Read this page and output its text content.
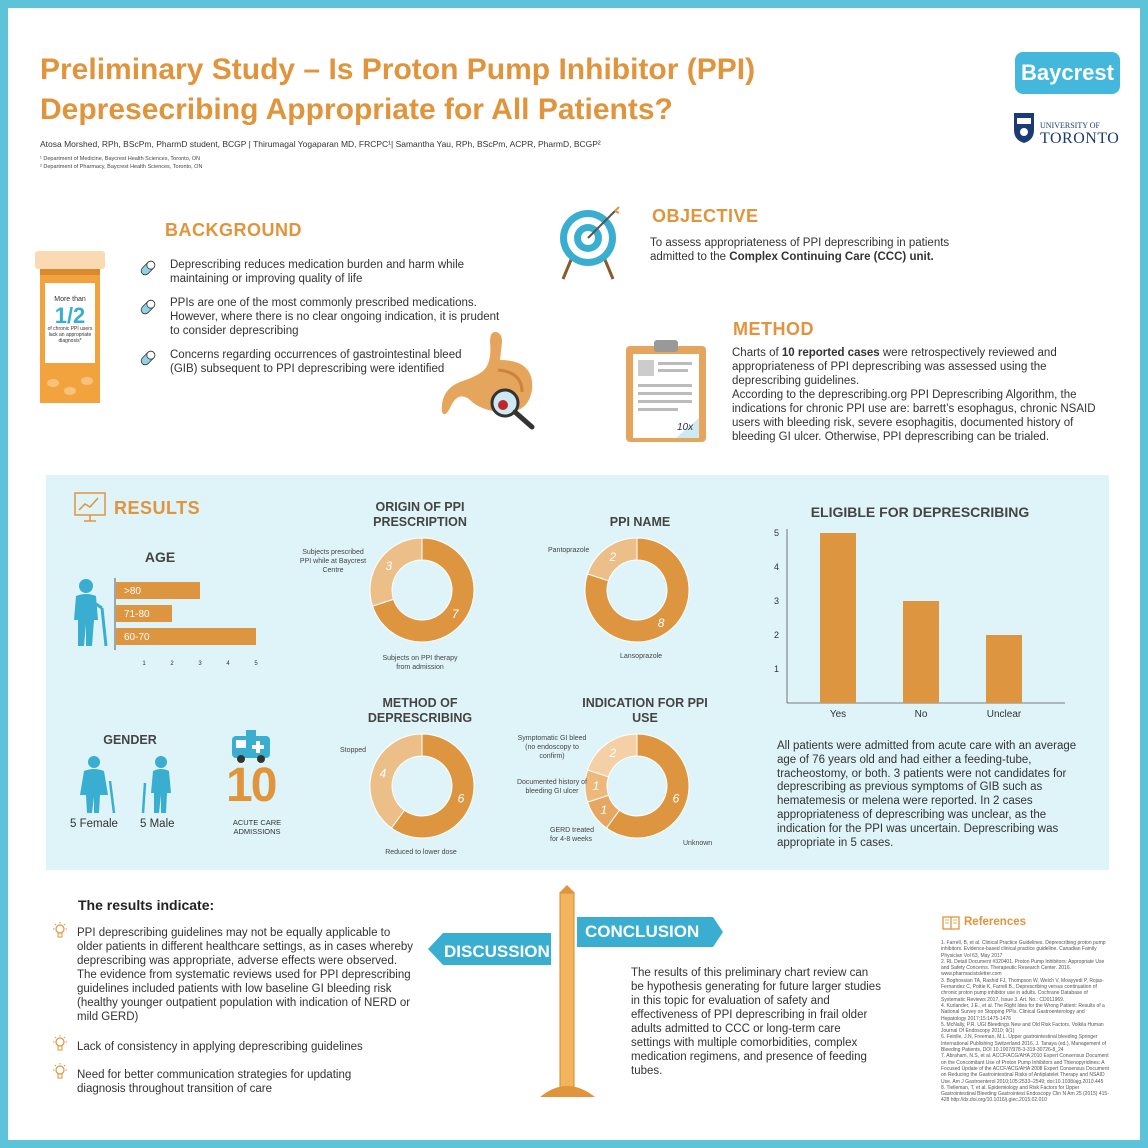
Preliminary Study – Is Proton Pump Inhibitor (PPI)
Depresecribing Appropriate for All Patients?
Atosa Morshed, RPh, BScPm, PharmD student, BCGP | Thirumagal Yogaparan MD, FRCPC¹| Samantha Yau, RPh, BScPm, ACPR, PharmD, BCGP²
¹ Department of Medicine, Baycrest Health Sciences, Toronto, ON
² Department of Pharmacy, Baycrest Health Sciences, Toronto, ON
Baycrest
UNIVERSITY OF
TORONTO
BACKGROUND
More than
1/2
of chronic PPI users lack an appropriate diagnosis*
Deprescribing reduces medication burden and harm while maintaining or improving quality of life
PPIs are one of the most commonly prescribed medications. However, where there is no clear ongoing indication, it is prudent to consider deprescribing
Concerns regarding occurrences of gastrointestinal bleed (GIB) subsequent to PPI deprescribing were identified
OBJECTIVE
To assess appropriateness of PPI deprescribing in patients admitted to the Complex Continuing Care (CCC) unit.
10x
METHOD
Charts of 10 reported cases were retrospectively reviewed and appropriateness of PPI deprescribing was assessed using the deprescribing guidelines.
According to the deprescribing.org PPI Deprescribing Algorithm, the indications for chronic PPI use are: barrett’s esophagus, chronic NSAID users with bleeding risk, severe esophagitis, documented history of bleeding GI ulcer. Otherwise, PPI deprescribing can be trialed.
RESULTS
AGE
>80
71-80
60-70
1	2	3	4	5
GENDER
5 Female 5 Male
10
ACUTE CARE ADMISSIONS
ORIGIN OF PPI PRESCRIPTION
7
3
Subjects prescribed PPI while at Baycrest Centre
Subjects on PPI therapy from admission
PPI NAME
8
2
Pantoprazole
Lansoprazole
METHOD OF DEPRESCRIBING
6
4
Stopped
Reduced to lower dose
INDICATION FOR PPI USE
6
1
1
2
Symptomatic GI bleed (no endoscopy to confirm)
Documented history of bleeding GI ulcer
GERD treated for 4-8 weeks
Unknown
ELIGIBLE FOR DEPRESCRIBING
1
2
3
4
5
Yes	No	Unclear
All patients were admitted from acute care with an average age of 76 years old and had either a feeding-tube, tracheostomy, or both. 3 patients were not candidates for deprescribing as previous symptoms of GIB such as hematemesis or melena were reported. In 2 cases appropriateness of deprescribing was unclear, as the indication for the PPI was uncertain. Deprescribing was appropriate in 5 cases.
The results indicate:
PPI deprescribing guidelines may not be equally applicable to older patients in different healthcare settings, as in cases whereby deprescribing was appropriate, adverse effects were observed. The evidence from systematic reviews used for PPI deprescribing guidelines included patients with low baseline GI bleeding risk (healthy younger outpatient population with indication of NERD or mild GERD)
Lack of consistency in applying deprescribing guidelines
Need for better communication strategies for updating diagnosis throughout transition of care
DISCUSSION
CONCLUSION
The results of this preliminary chart review can be hypothesis generating for future larger studies in this topic for evaluation of safety and effectiveness of PPI deprescribing in frail older adults admitted to CCC or long-term care settings with multiple comorbidities, complex medication regimens, and presence of feeding tubes.
References
1. Farrell, B, et al. Clinical Practice Guidelines. Deprescribing proton pump inhibitors. Evidence-based clinical practice guideline. Canadian Family Physician Vol 63, May 2017
2. RL Detail Document #320401. Proton Pump Inhibitors: Appropriate Use and Safety Concerns. Therapeutic Research Center. 2016. www.pharmacistsletter.com
3. Boghossian TA, Rashid FJ, Thompson W, Welch V, Moayyedi P, Rojas-Fernandez C, Pottie K, Farrell B., Deprescribing versus continuation of chronic proton pump inhibitor use in adults. Cochrane Database of Systematic Reviews 2017, Issue 3. Art. No.: CD011969.
4. Kurlander, J.E., et al. The Right Idea for the Wrong Patient: Results of a National Survey on Stopping PPIs. Clinical Gastroenterology and Hepatology 2017;15:1475-1476
5. McNally, P.R. UGI Bleedings New and Old Risk Factors. Volkila Human Journal Of Endoscopy 2010; 9(1)
6. Feinlle, J.N, Freeman, M.L. Upper gastrointestinal bleeding Springer International Publishing Switzerland 2016, J. Tanaya (ed.), Management of Bleeding Patients, DOI 10.1007/978-3-319-30726-8_24
7. Abraham, N.S, et al. ACCF/ACG/AHA 2010 Expert Consensus Document on the Concomitant Use of Proton Pump Inhibitors and Thienopyridines: A Focused Update of the ACCF/ACG/AHA 2008 Expert Consensus Document on Reducing the Gastrointestinal Risks of Antiplatelet Therapy and NSAID Use. Am J Gastroenterol 2010;105:2533–2549; doi:10.1038/ajg.2010.445
8. Tielleman, T, et al. Epidemiology and Risk Factors for Upper Gastrointestinal Bleeding Gastrointest Endoscopy Clin N Am 25 (2015) 415-428 http://dx.doi.org/10.1016/j.giec.2015.02.010
